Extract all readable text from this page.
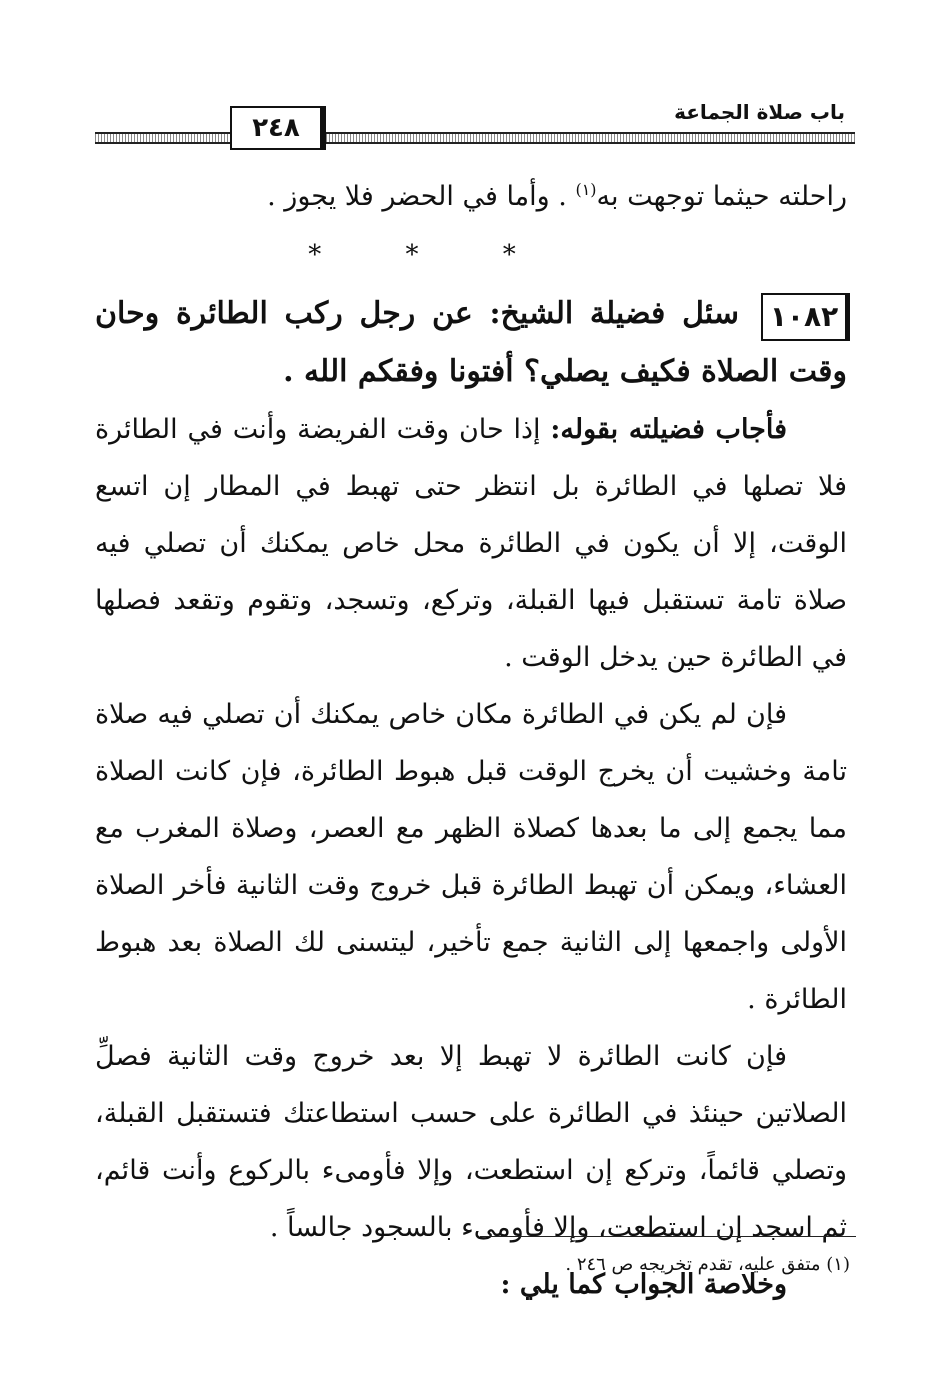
باب صلاة الجماعة
٢٤٨

راحلته حيثما توجهت به$^{(١)}$ . وأما في الحضر فلا يجوز .

* * *

١٠٨٢
سئل فضيلة الشيخ: عن رجل ركب الطائرة وحان وقت الصلاة فكيف يصلي؟ أفتونا وفقكم الله .

فأجاب فضيلته بقوله: إذا حان وقت الفريضة وأنت في الطائرة فلا تصلها في الطائرة بل انتظر حتى تهبط في المطار إن اتسع الوقت، إلا أن يكون في الطائرة محل خاص يمكنك أن تصلي فيه صلاة تامة تستقبل فيها القبلة، وتركع، وتسجد، وتقوم وتقعد فصلها في الطائرة حين يدخل الوقت .

فإن لم يكن في الطائرة مكان خاص يمكنك أن تصلي فيه صلاة تامة وخشيت أن يخرج الوقت قبل هبوط الطائرة، فإن كانت الصلاة مما يجمع إلى ما بعدها كصلاة الظهر مع العصر، وصلاة المغرب مع العشاء، ويمكن أن تهبط الطائرة قبل خروج وقت الثانية فأخر الصلاة الأولى واجمعها إلى الثانية جمع تأخير، ليتسنى لك الصلاة بعد هبوط الطائرة .

فإن كانت الطائرة لا تهبط إلا بعد خروج وقت الثانية فصلِّ الصلاتين حينئذ في الطائرة على حسب استطاعتك فتستقبل القبلة، وتصلي قائماً، وتركع إن استطعت، وإلا فأومىء بالركوع وأنت قائم، ثم اسجد إن استطعت، وإلا فأومىء بالسجود جالساً .

وخلاصة الجواب كما يلي :

(١) متفق عليه، تقدم تخريجه ص ٢٤٦ .
